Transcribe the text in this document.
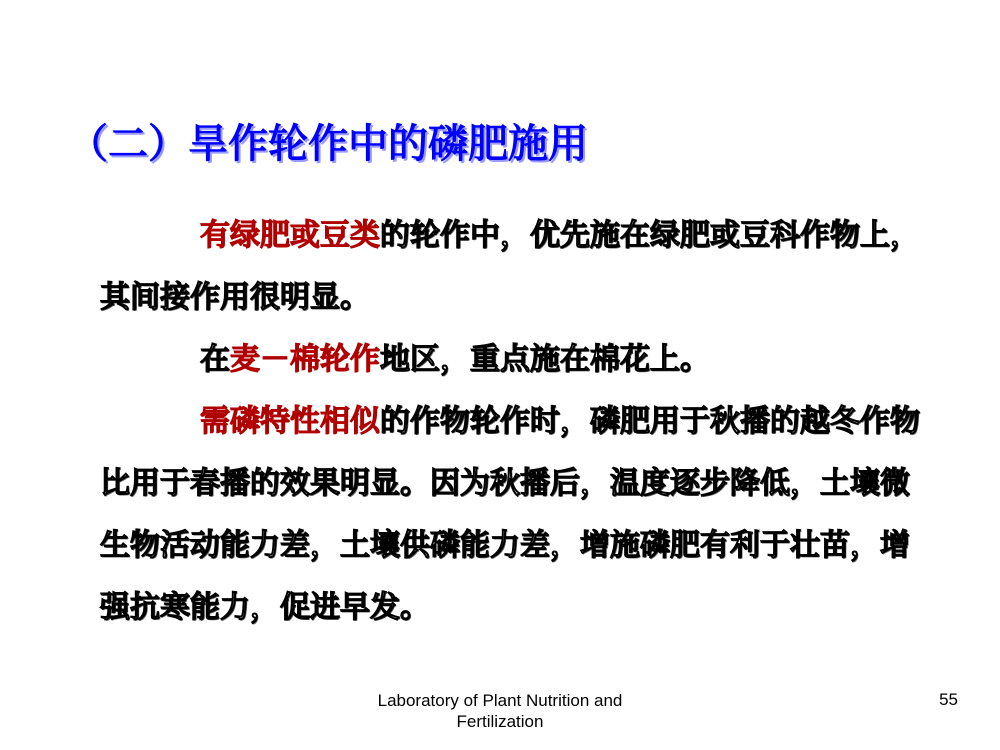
（二）旱作轮作中的磷肥施用

有绿肥或豆类的轮作中，优先施在绿肥或豆科作物上，其间接作用很明显。

在麦－棉轮作地区，重点施在棉花上。

需磷特性相似的作物轮作时，磷肥用于秋播的越冬作物比用于春播的效果明显。因为秋播后，温度逐步降低，土壤微生物活动能力差，土壤供磷能力差，增施磷肥有利于壮苗，增强抗寒能力，促进早发。

Laboratory of Plant Nutrition and Fertilization
55
